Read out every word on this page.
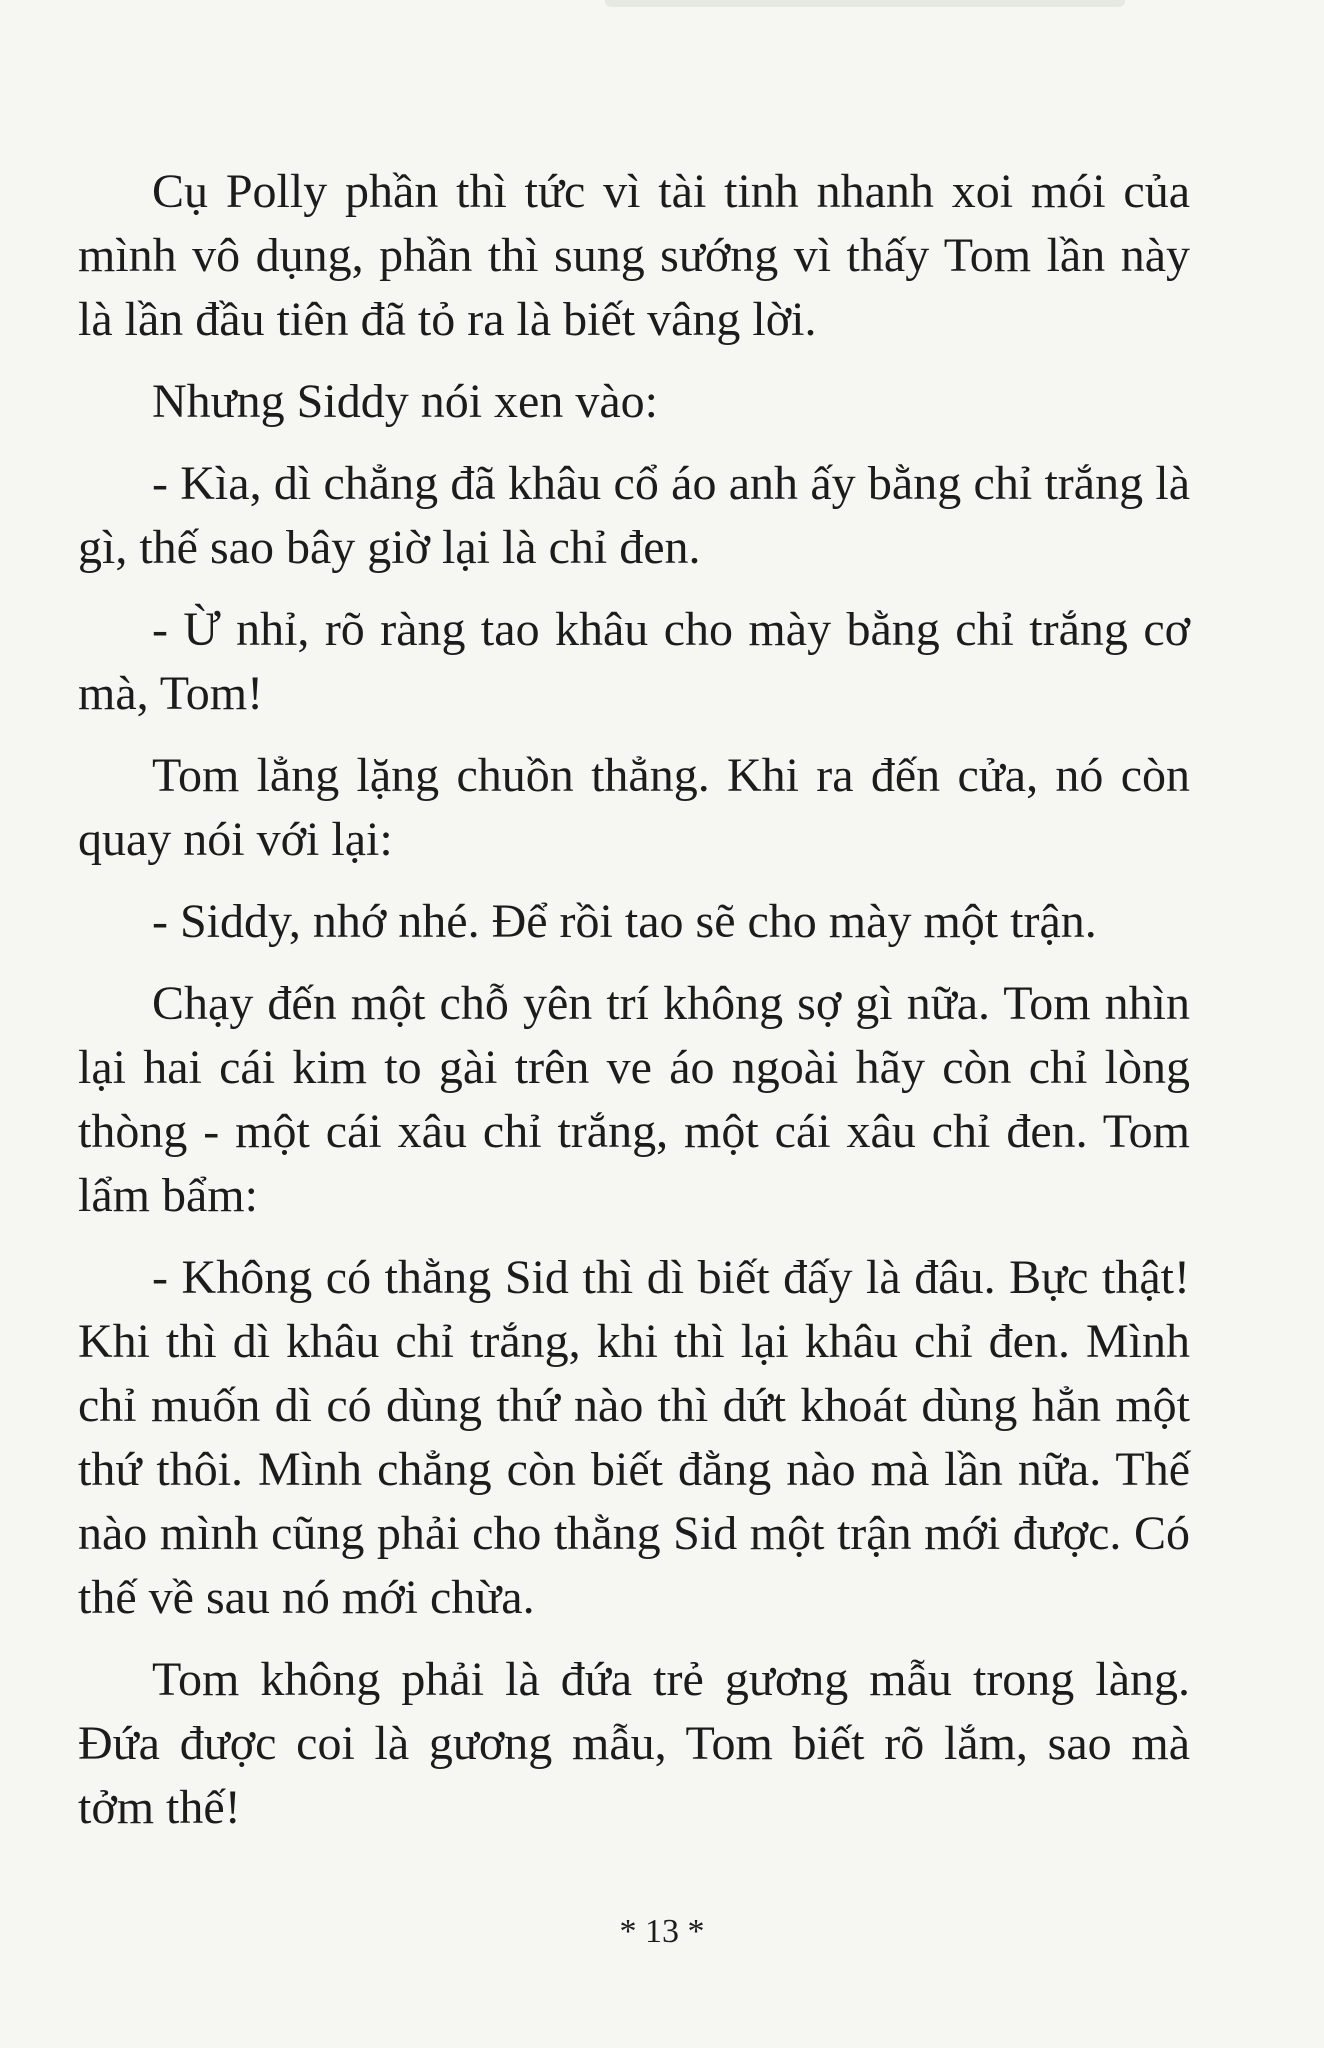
Cụ Polly phần thì tức vì tài tinh nhanh xoi mói của mình vô dụng, phần thì sung sướng vì thấy Tom lần này là lần đầu tiên đã tỏ ra là biết vâng lời.

Nhưng Siddy nói xen vào:

- Kìa, dì chẳng đã khâu cổ áo anh ấy bằng chỉ trắng là gì, thế sao bây giờ lại là chỉ đen.

- Ừ nhỉ, rõ ràng tao khâu cho mày bằng chỉ trắng cơ mà, Tom!

Tom lẳng lặng chuồn thẳng. Khi ra đến cửa, nó còn quay nói với lại:

- Siddy, nhớ nhé. Để rồi tao sẽ cho mày một trận.

Chạy đến một chỗ yên trí không sợ gì nữa. Tom nhìn lại hai cái kim to gài trên ve áo ngoài hãy còn chỉ lòng thòng - một cái xâu chỉ trắng, một cái xâu chỉ đen. Tom lẩm bẩm:

- Không có thằng Sid thì dì biết đấy là đâu. Bực thật! Khi thì dì khâu chỉ trắng, khi thì lại khâu chỉ đen. Mình chỉ muốn dì có dùng thứ nào thì dứt khoát dùng hẳn một thứ thôi. Mình chẳng còn biết đằng nào mà lần nữa. Thế nào mình cũng phải cho thằng Sid một trận mới được. Có thế về sau nó mới chừa.

Tom không phải là đứa trẻ gương mẫu trong làng. Đứa được coi là gương mẫu, Tom biết rõ lắm, sao mà tởm thế!

* 13 *
